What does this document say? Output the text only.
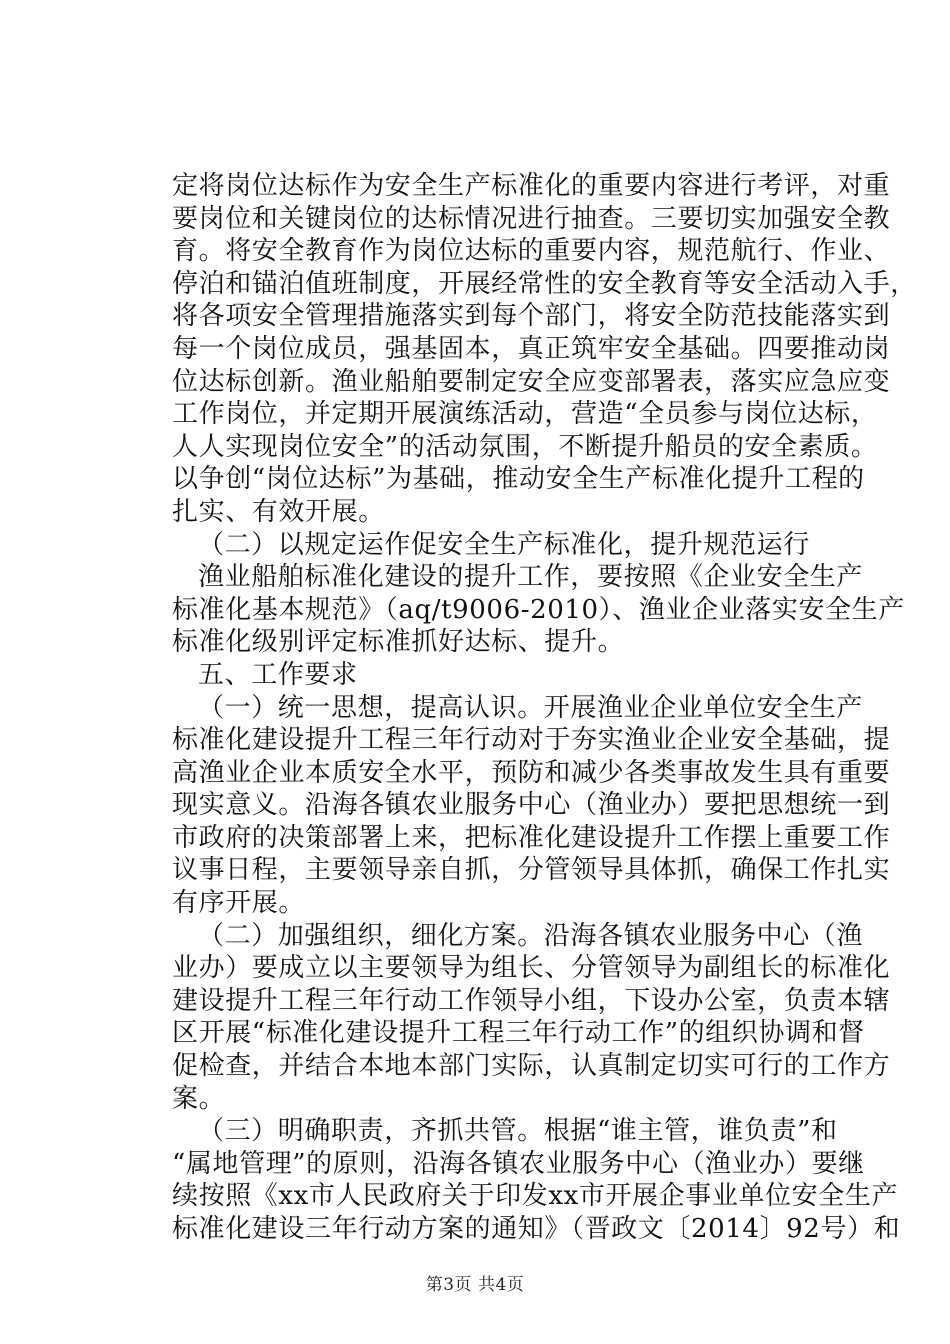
定将岗位达标作为安全生产标准化的重要内容进行考评，对重
要岗位和关键岗位的达标情况进行抽查。三要切实加强安全教
育。将安全教育作为岗位达标的重要内容，规范航行、作业、
停泊和锚泊值班制度，开展经常性的安全教育等安全活动入手，
将各项安全管理措施落实到每个部门，将安全防范技能落实到
每一个岗位成员，强基固本，真正筑牢安全基础。四要推动岗
位达标创新。渔业船舶要制定安全应变部署表，落实应急应变
工作岗位，并定期开展演练活动，营造“全员参与岗位达标，
人人实现岗位安全”的活动氛围，不断提升船员的安全素质。
以争创“岗位达标”为基础，推动安全生产标准化提升工程的
扎实、有效开展。
（二）以规定运作促安全生产标准化，提升规范运行
渔业船舶标准化建设的提升工作，要按照《企业安全生产
标准化基本规范》（aq/t9006-2010）、渔业企业落实安全生产
标准化级别评定标准抓好达标、提升。
五、工作要求
（一）统一思想，提高认识。开展渔业企业单位安全生产
标准化建设提升工程三年行动对于夯实渔业企业安全基础，提
高渔业企业本质安全水平，预防和减少各类事故发生具有重要
现实意义。沿海各镇农业服务中心（渔业办）要把思想统一到
市政府的决策部署上来，把标准化建设提升工作摆上重要工作
议事日程，主要领导亲自抓，分管领导具体抓，确保工作扎实
有序开展。
（二）加强组织，细化方案。沿海各镇农业服务中心（渔
业办）要成立以主要领导为组长、分管领导为副组长的标准化
建设提升工程三年行动工作领导小组，下设办公室，负责本辖
区开展“标准化建设提升工程三年行动工作”的组织协调和督
促检查，并结合本地本部门实际，认真制定切实可行的工作方
案。
（三）明确职责，齐抓共管。根据“谁主管，谁负责”和
“属地管理”的原则，沿海各镇农业服务中心（渔业办）要继
续按照《xx市人民政府关于印发xx市开展企事业单位安全生产
标准化建设三年行动方案的通知》（晋政文〔2014〕92号）和
第3页 共4页
